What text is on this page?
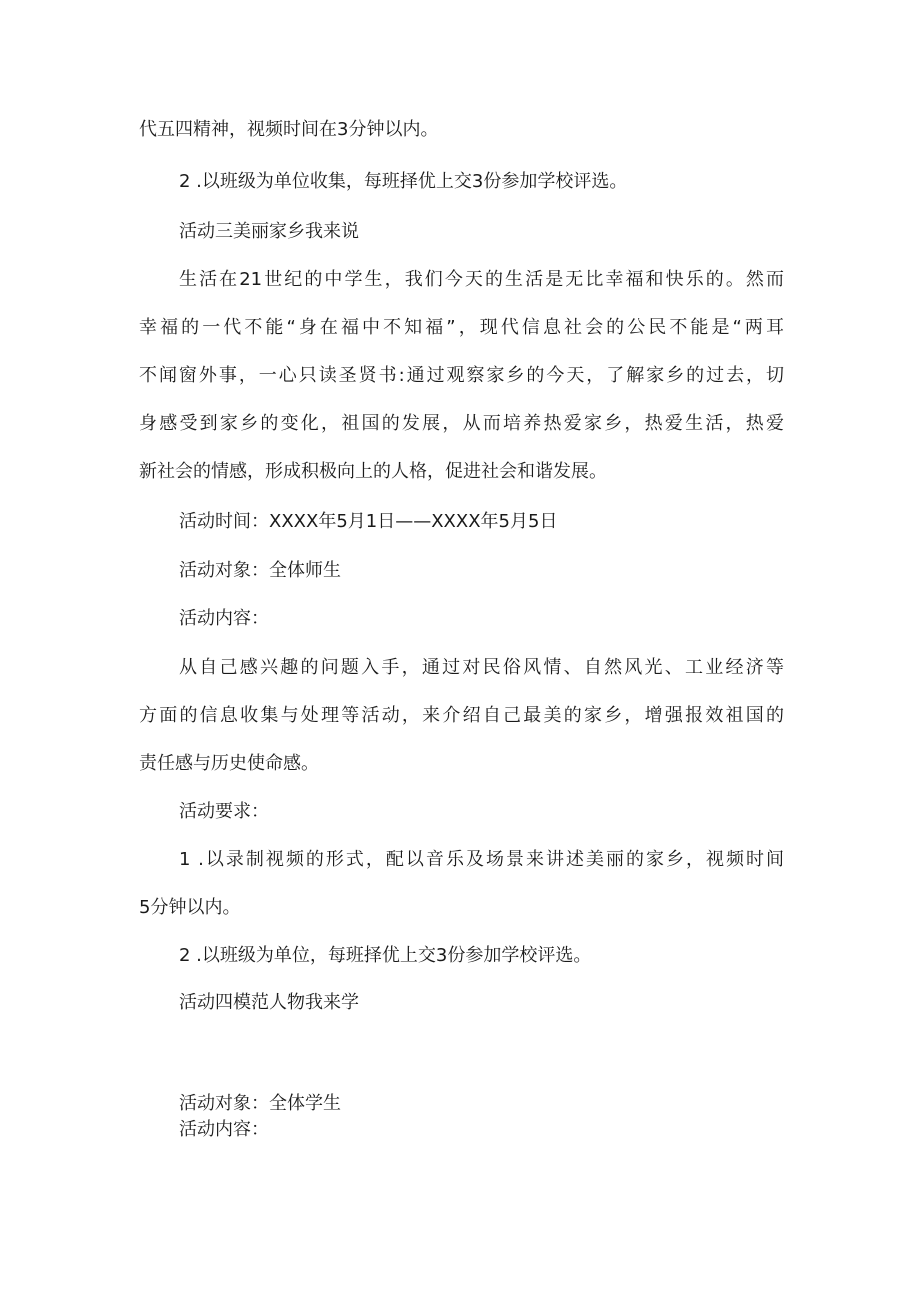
代五四精神，视频时间在3分钟以内。
2 .以班级为单位收集，每班择优上交3份参加学校评选。
活动三美丽家乡我来说
生活在21世纪的中学生，我们今天的生活是无比幸福和快乐的。然而
幸福的一代不能“身在福中不知福”，现代信息社会的公民不能是“两耳
不闻窗外事，一心只读圣贤书:通过观察家乡的今天，了解家乡的过去，切
身感受到家乡的变化，祖国的发展，从而培养热爱家乡，热爱生活，热爱
新社会的情感，形成积极向上的人格，促进社会和谐发展。
活动时间：XXXX年5月1日——XXXX年5月5日
活动对象：全体师生
活动内容：
从自己感兴趣的问题入手，通过对民俗风情、自然风光、工业经济等
方面的信息收集与处理等活动，来介绍自己最美的家乡，增强报效祖国的
责任感与历史使命感。
活动要求：
1 .以录制视频的形式，配以音乐及场景来讲述美丽的家乡，视频时间
5分钟以内。
2 .以班级为单位，每班择优上交3份参加学校评选。
活动四模范人物我来学
活动对象：全体学生
活动内容：
